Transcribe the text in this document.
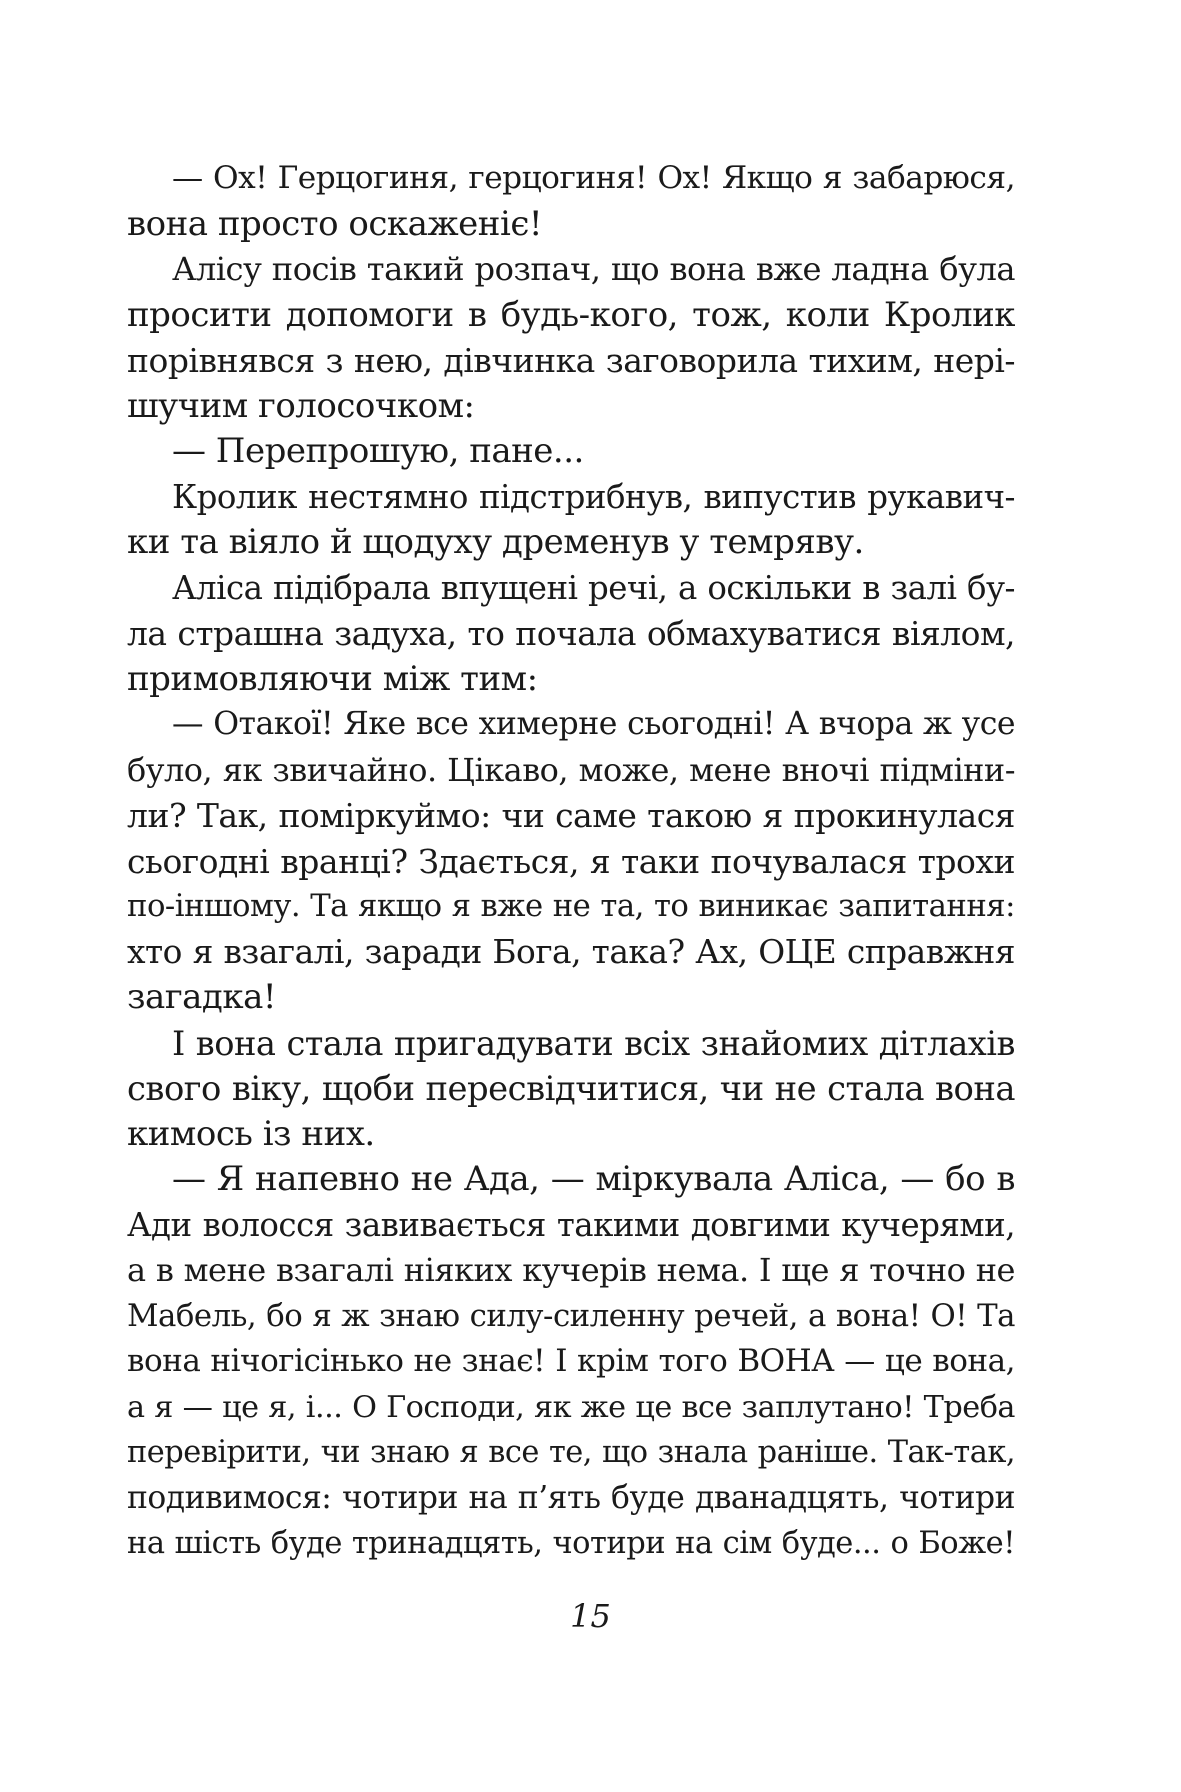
— Ох! Герцогиня, герцогиня! Ох! Якщо я забарюся,
вона просто оскаженіє!
Алісу посів такий розпач, що вона вже ладна була
просити допомоги в будь-кого, тож, коли Кролик
порівнявся з нею, дівчинка заговорила тихим, нері-
шучим голосочком:
— Перепрошую, пане...
Кролик нестямно підстрибнув, випустив рукавич-
ки та віяло й щодуху дременув у темряву.
Аліса підібрала впущені речі, а оскільки в залі бу-
ла страшна задуха, то почала обмахуватися віялом,
примовляючи між тим:
— Отакої! Яке все химерне сьогодні! А вчора ж усе
було, як звичайно. Цікаво, може, мене вночі підміни-
ли? Так, поміркуймо: чи саме такою я прокинулася
сьогодні вранці? Здається, я таки почувалася трохи
по-іншому. Та якщо я вже не та, то виникає запитання:
хто я взагалі, заради Бога, така? Ах, ОЦЕ справжня
загадка!
І вона стала пригадувати всіх знайомих дітлахів
свого віку, щоби пересвідчитися, чи не стала вона
кимось із них.
— Я напевно не Ада, — міркувала Аліса, — бо в
Ади волосся завивається такими довгими кучерями,
а в мене взагалі ніяких кучерів нема. І ще я точно не
Мабель, бо я ж знаю силу-силенну речей, а вона! О! Та
вона нічогісінько не знає! І крім того ВОНА — це вона,
а я — це я, і... О Господи, як же це все заплутано! Треба
перевірити, чи знаю я все те, що знала раніше. Так-так,
подивимося: чотири на п’ять буде дванадцять, чотири
на шість буде тринадцять, чотири на сім буде... о Боже!
15
